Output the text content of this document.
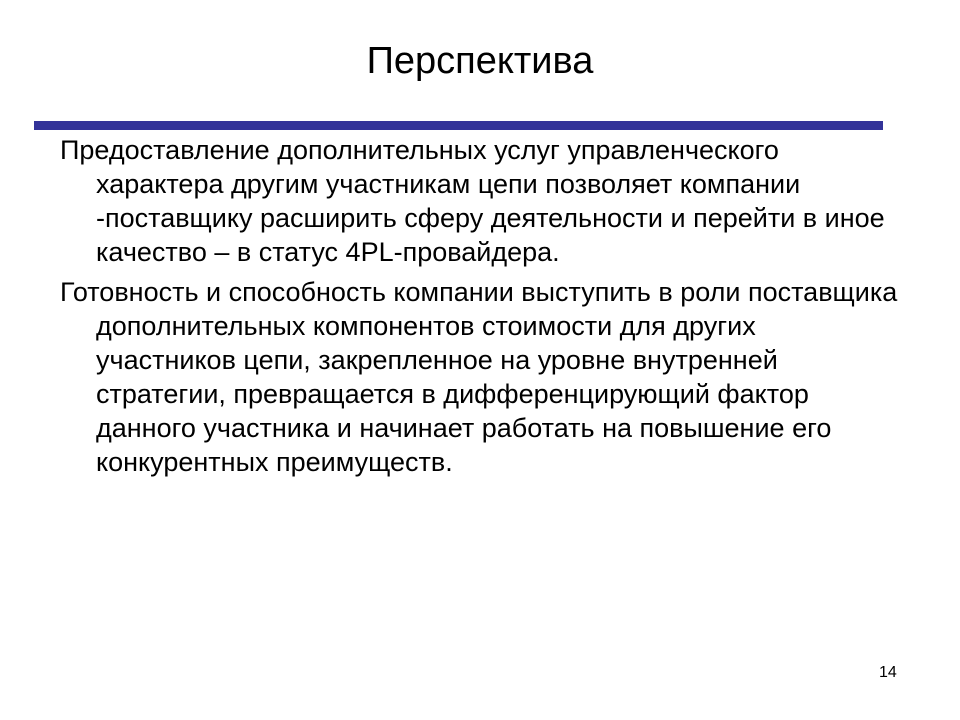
Перспектива

Предоставление дополнительных услуг управленческого характера другим участникам цепи позволяет компании -поставщику расширить сферу деятельности и перейти в иное качество – в статус 4PL-провайдера.

Готовность и способность компании выступить в роли поставщика дополнительных компонентов стоимости для других участников цепи, закрепленное на уровне внутренней стратегии, превращается в дифференцирующий фактор данного участника и начинает работать на повышение его конкурентных преимуществ.

14
